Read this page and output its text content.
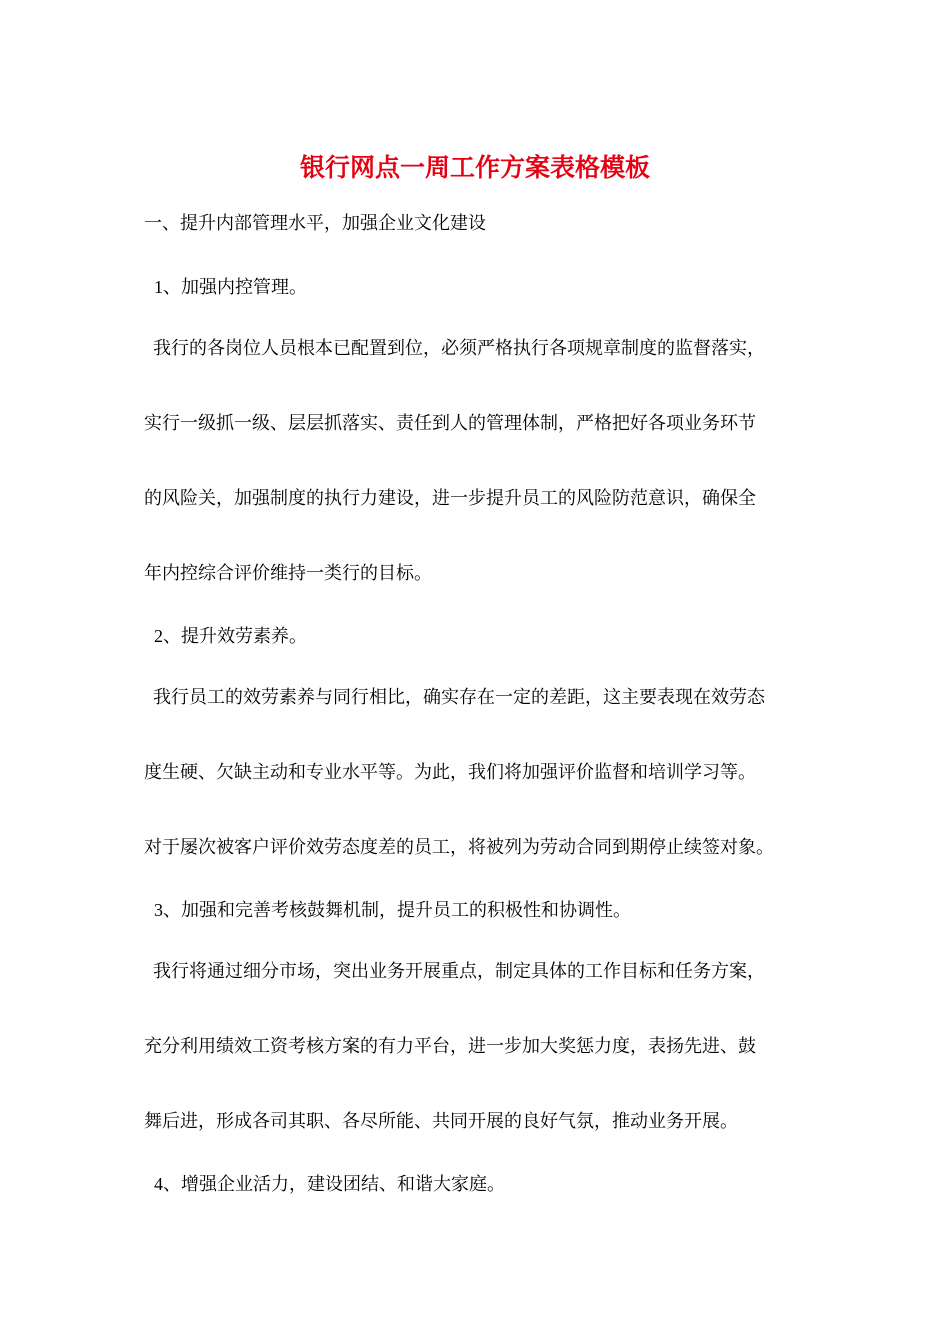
银行网点一周工作方案表格模板
一、提升内部管理水平，加强企业文化建设
1、加强内控管理。
我行的各岗位人员根本已配置到位，必须严格执行各项规章制度的监督落实，
实行一级抓一级、层层抓落实、责任到人的管理体制，严格把好各项业务环节
的风险关，加强制度的执行力建设，进一步提升员工的风险防范意识，确保全
年内控综合评价维持一类行的目标。
2、提升效劳素养。
我行员工的效劳素养与同行相比，确实存在一定的差距，这主要表现在效劳态
度生硬、欠缺主动和专业水平等。为此，我们将加强评价监督和培训学习等。
对于屡次被客户评价效劳态度差的员工，将被列为劳动合同到期停止续签对象。
3、加强和完善考核鼓舞机制，提升员工的积极性和协调性。
我行将通过细分市场，突出业务开展重点，制定具体的工作目标和任务方案，
充分利用绩效工资考核方案的有力平台，进一步加大奖惩力度，表扬先进、鼓
舞后进，形成各司其职、各尽所能、共同开展的良好气氛，推动业务开展。
4、增强企业活力，建设团结、和谐大家庭。
